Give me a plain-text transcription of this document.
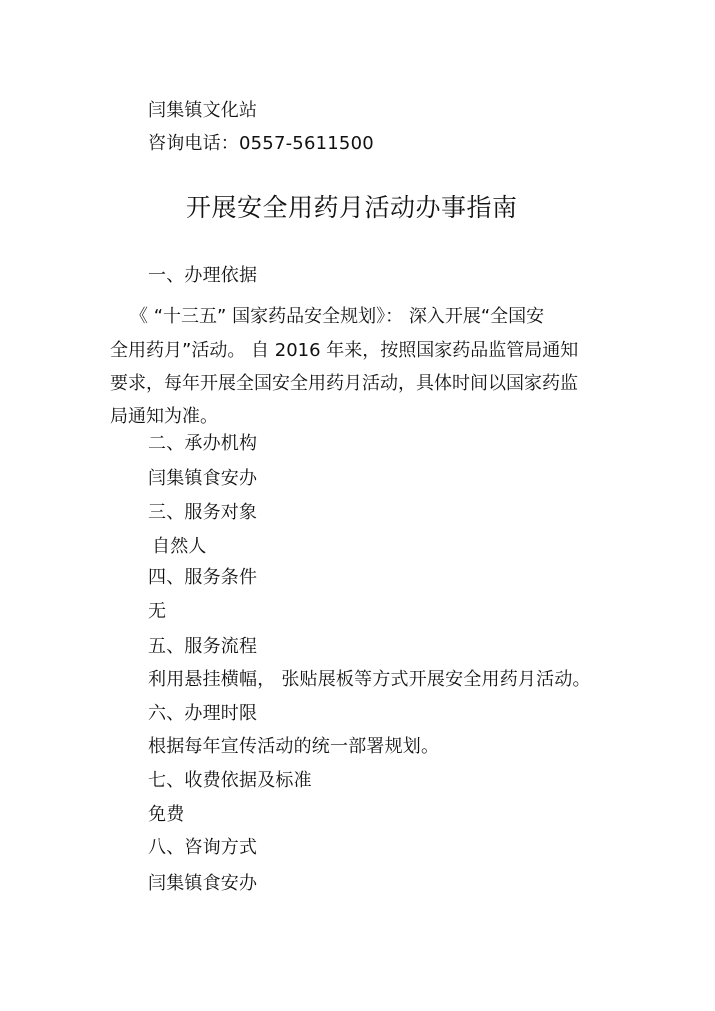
闫集镇文化站
咨询电话：0557-5611500
开展安全用药月活动办事指南
一、办理依据
《 “十三五” 国家药品安全规划》： 深入开展“全国安
全用药月”活动。 自 2016 年来，按照国家药品监管局通知
要求，每年开展全国安全用药月活动，具体时间以国家药监
局通知为准。
二、承办机构
闫集镇食安办
三、服务对象
自然人
四、服务条件
无
五、服务流程
利用悬挂横幅， 张贴展板等方式开展安全用药月活动。
六、办理时限
根据每年宣传活动的统一部署规划。
七、收费依据及标准
免费
八、咨询方式
闫集镇食安办
